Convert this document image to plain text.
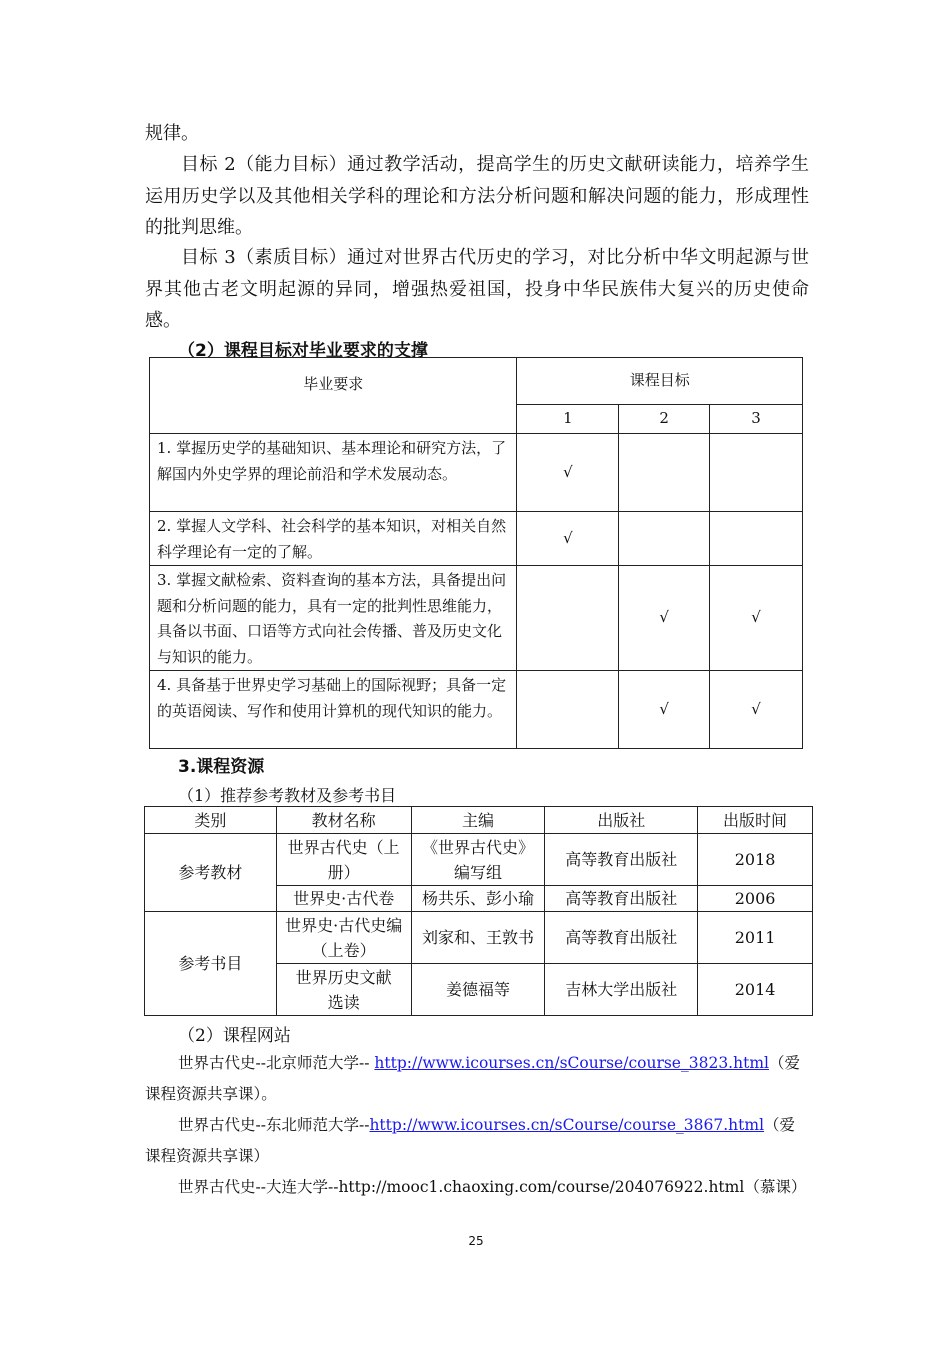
规律。

目标 2（能力目标）通过教学活动，提高学生的历史文献研读能力，培养学生运用历史学以及其他相关学科的理论和方法分析问题和解决问题的能力，形成理性的批判思维。

目标 3（素质目标）通过对世界古代历史的学习，对比分析中华文明起源与世界其他古老文明起源的异同，增强热爱祖国，投身中华民族伟大复兴的历史使命感。

（2）课程目标对毕业要求的支撑

毕业要求	课程目标		
	1	2	3
1. 掌握历史学的基础知识、基本理论和研究方法，了解国内外史学界的理论前沿和学术发展动态。	√		
2. 掌握人文学科、社会科学的基本知识，对相关自然科学理论有一定的了解。	√		
3. 掌握文献检索、资料查询的基本方法，具备提出问题和分析问题的能力，具有一定的批判性思维能力，具备以书面、口语等方式向社会传播、普及历史文化与知识的能力。		√	√
4. 具备基于世界史学习基础上的国际视野；具备一定的英语阅读、写作和使用计算机的现代知识的能力。		√	√

3.课程资源

（1）推荐参考教材及参考书目

类别	教材名称	主编	出版社	出版时间
参考教材	世界古代史（上册）	《世界古代史》编写组	高等教育出版社	2018
	世界史·古代卷	杨共乐、彭小瑜	高等教育出版社	2006
参考书目	世界史·古代史编（上卷）	刘家和、王敦书	高等教育出版社	2011
	世界历史文献选读	姜德福等	吉林大学出版社	2014

（2）课程网站

世界古代史--北京师范大学-- http://www.icourses.cn/sCourse/course_3823.html（爱课程资源共享课）。

世界古代史--东北师范大学--http://www.icourses.cn/sCourse/course_3867.html（爱课程资源共享课）

世界古代史--大连大学--http://mooc1.chaoxing.com/course/204076922.html（慕课）

25
